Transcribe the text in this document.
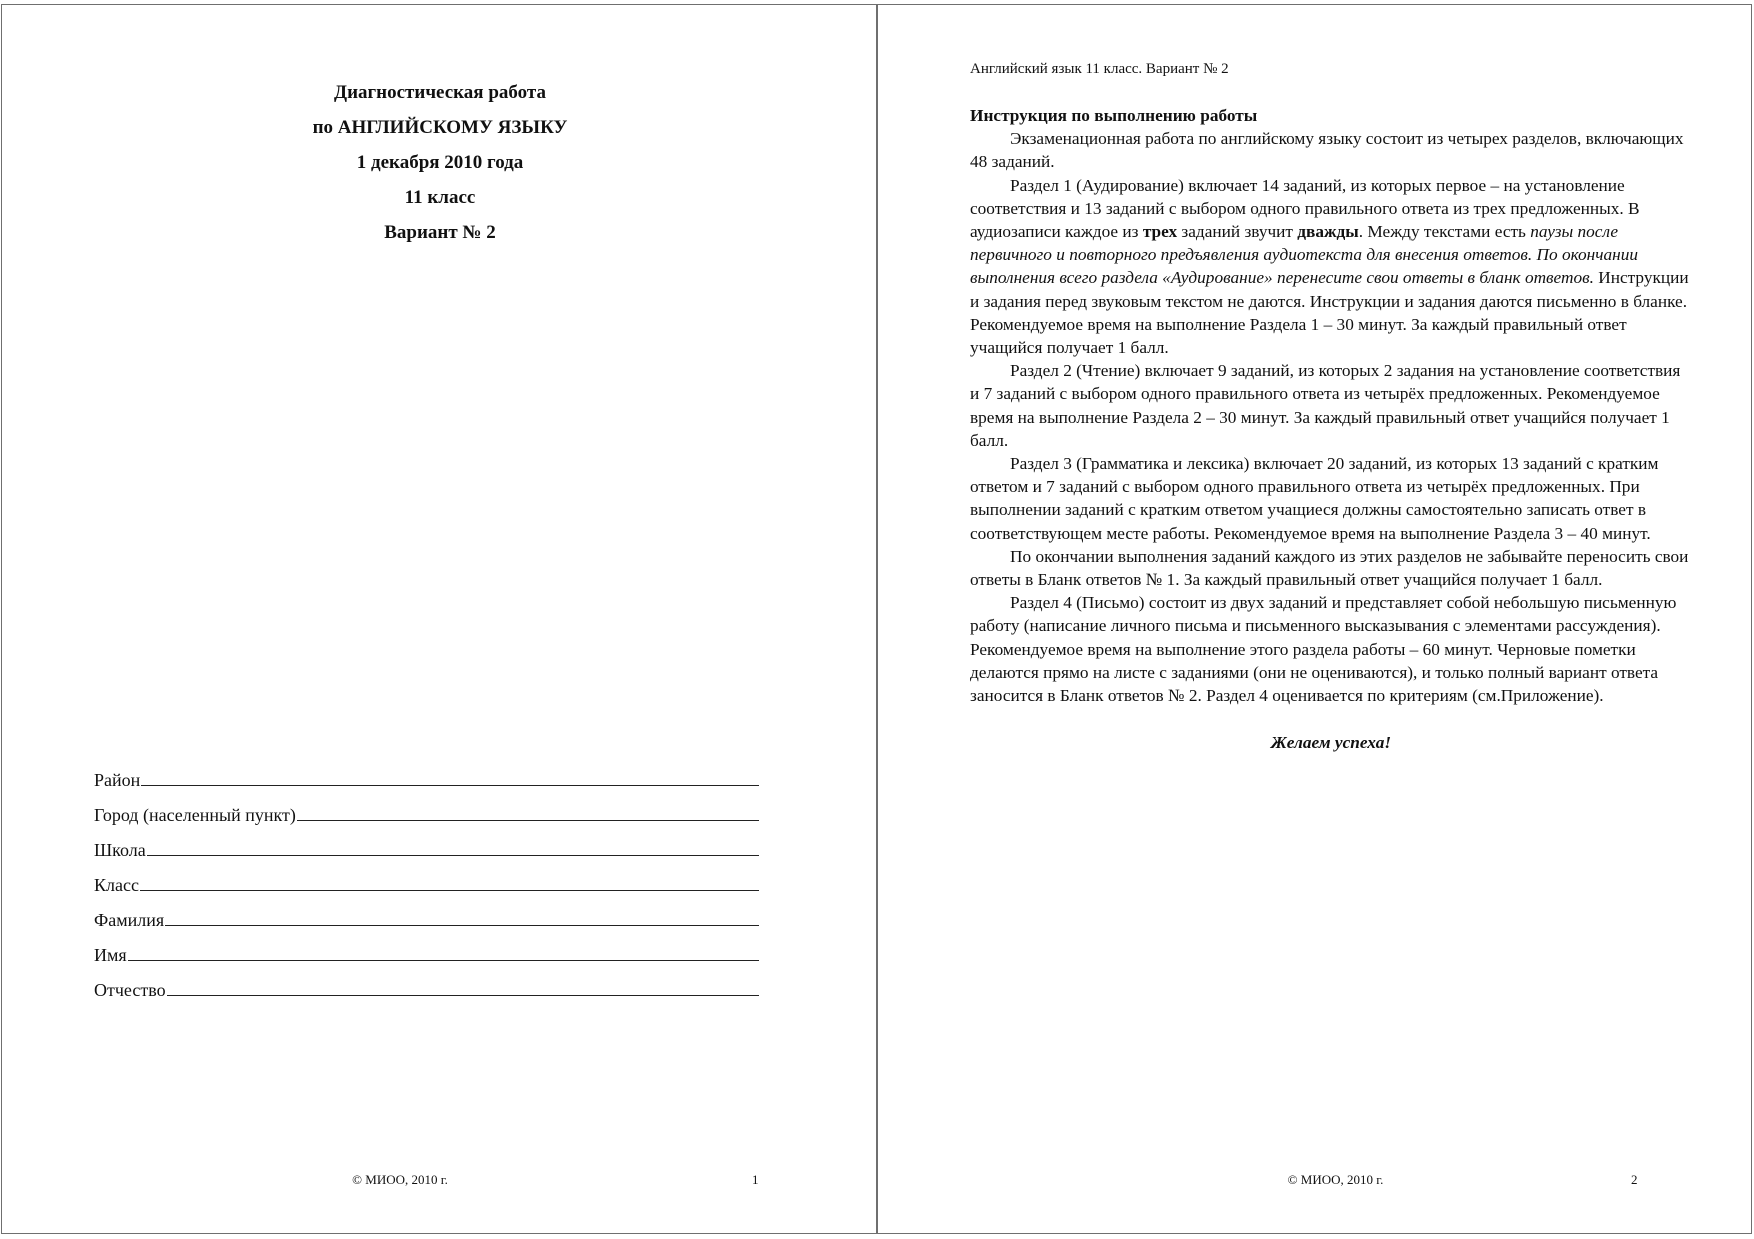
Диагностическая работа
по АНГЛИЙСКОМУ ЯЗЫКУ
1 декабря 2010 года
11 класс
Вариант № 2
Район
Город (населенный пункт)
Школа
Класс
Фамилия
Имя
Отчество
© МИОО, 2010 г.	1
Английский язык 11 класс. Вариант № 2
Инструкция по выполнению работы

Экзаменационная работа по английскому языку состоит из четырех разделов, включающих 48 заданий.

Раздел 1 (Аудирование) включает 14 заданий, из которых первое – на установление соответствия и 13 заданий с выбором одного правильного ответа из трех предложенных. В аудиозаписи каждое из трех заданий звучит дважды. Между текстами есть паузы после первичного и повторного предъявления аудиотекста для внесения ответов. По окончании выполнения всего раздела «Аудирование» перенесите свои ответы в бланк ответов. Инструкции и задания перед звуковым текстом не даются. Инструкции и задания даются письменно в бланке. Рекомендуемое время на выполнение Раздела 1 – 30 минут. За каждый правильный ответ учащийся получает 1 балл.

Раздел 2 (Чтение) включает 9 заданий, из которых 2 задания на установление соответствия и 7 заданий с выбором одного правильного ответа из четырёх предложенных. Рекомендуемое время на выполнение Раздела 2 – 30 минут. За каждый правильный ответ учащийся получает 1 балл.

Раздел 3 (Грамматика и лексика) включает 20 заданий, из которых 13 заданий с кратким ответом и 7 заданий с выбором одного правильного ответа из четырёх предложенных. При выполнении заданий с кратким ответом учащиеся должны самостоятельно записать ответ в соответствующем месте работы. Рекомендуемое время на выполнение Раздела 3 – 40 минут.

По окончании выполнения заданий каждого из этих разделов не забывайте переносить свои ответы в Бланк ответов № 1. За каждый правильный ответ учащийся получает 1 балл.

Раздел 4 (Письмо) состоит из двух заданий и представляет собой небольшую письменную работу (написание личного письма и письменного высказывания с элементами рассуждения). Рекомендуемое время на выполнение этого раздела работы – 60 минут. Черновые пометки делаются прямо на листе с заданиями (они не оцениваются), и только полный вариант ответа заносится в Бланк ответов № 2. Раздел 4 оценивается по критериям (см.Приложение).

Желаем успеха!
© МИОО, 2010 г.	2
